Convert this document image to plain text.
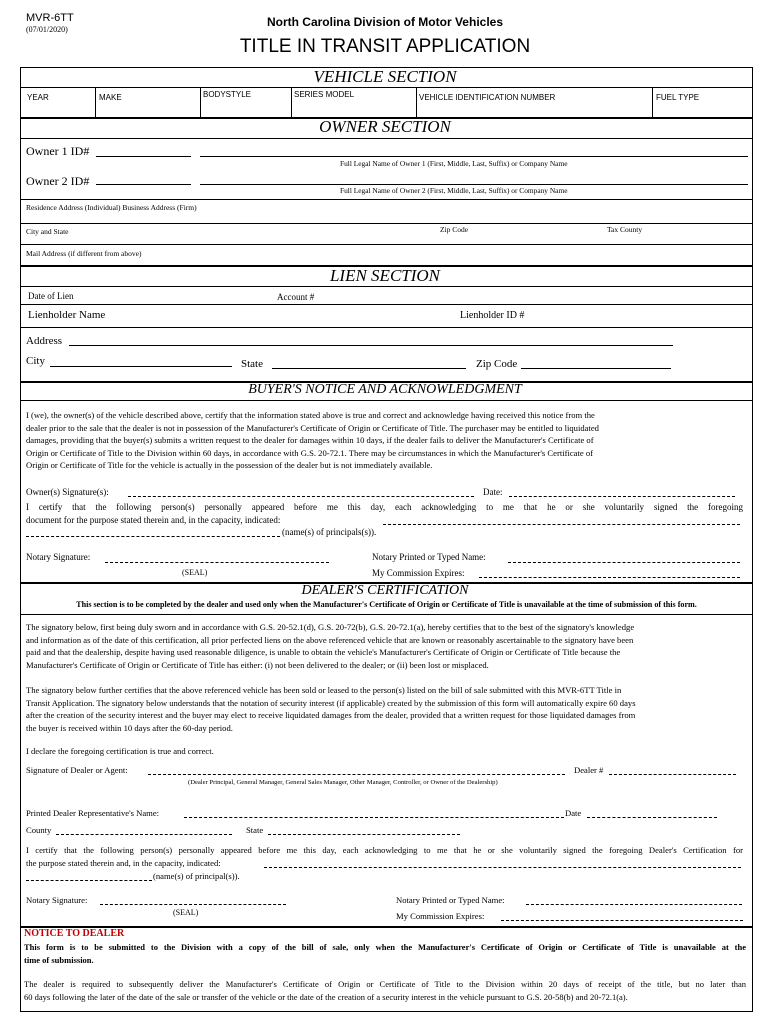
MVR-6TT
(07/01/2020)
North Carolina Division of Motor Vehicles
TITLE IN TRANSIT APPLICATION
VEHICLE SECTION
YEAR	MAKE	BODYSTYLE	SERIES MODEL	VEHICLE IDENTIFICATION NUMBER	FUEL TYPE
OWNER SECTION
Owner 1 ID#
Full Legal Name of Owner 1 (First, Middle, Last, Suffix) or Company Name
Owner 2 ID#
Full Legal Name of Owner 2 (First, Middle, Last, Suffix) or Company Name
Residence Address (Individual) Business Address (Firm)
City and State	Zip Code	Tax County
Mail Address (if different from above)
LIEN SECTION
Date of Lien	Account #
Lienholder Name	Lienholder ID #
Address
City	State	Zip Code
BUYER'S NOTICE AND ACKNOWLEDGMENT
I (we), the owner(s) of the vehicle described above, certify that the information stated above is true and correct and acknowledge having received this notice from the
dealer prior to the sale that the dealer is not in possession of the Manufacturer's Certificate of Origin or Certificate of Title. The purchaser may be entitled to liquidated
damages, providing that the buyer(s) submits a written request to the dealer for damages within 10 days, if the dealer fails to deliver the Manufacturer's Certificate of
Origin or Certificate of Title to the Division within 60 days, in accordance with G.S. 20-72.1. There may be circumstances in which the Manufacturer's Certificate of
Origin or Certificate of Title for the vehicle is actually in the possession of the dealer but is not immediately available.
Owner(s) Signature(s):	Date:
I certify that the following person(s) personally appeared before me this day, each acknowledging to me that he or she voluntarily signed the foregoing
document for the purpose stated therein and, in the capacity, indicated:
(name(s) of principals(s)).
Notary Signature:	Notary Printed or Typed Name:
(SEAL)	My Commission Expires:
DEALER'S CERTIFICATION
This section is to be completed by the dealer and used only when the Manufacturer's Certificate of Origin or Certificate of Title is unavailable at the time of submission of this form.
The signatory below, first being duly sworn and in accordance with G.S. 20-52.1(d), G.S. 20-72(b), G.S. 20-72.1(a), hereby certifies that to the best of the signatory's knowledge
and information as of the date of this certification, all prior perfected liens on the above referenced vehicle that are known or reasonably ascertainable to the signatory have been
paid and that the dealership, despite having used reasonable diligence, is unable to obtain the vehicle's Manufacturer's Certificate of Origin or Certificate of Title because the
Manufacturer's Certificate of Origin or Certificate of Title has either: (i) not been delivered to the dealer; or (ii) been lost or misplaced.
The signatory below further certifies that the above referenced vehicle has been sold or leased to the person(s) listed on the bill of sale submitted with this MVR-6TT Title in
Transit Application. The signatory below understands that the notation of security interest (if applicable) created by the submission of this form will automatically expire 60 days
after the creation of the security interest and the buyer may elect to receive liquidated damages from the dealer, provided that a written request for those liquidated damages from
the buyer is received within 10 days after the 60-day period.
I declare the foregoing certification is true and correct.
Signature of Dealer or Agent:	Dealer #
(Dealer Principal, General Manager, General Sales Manager, Other Manager, Controller, or Owner of the Dealership)
Printed Dealer Representative's Name:	Date
County	State
I certify that the following person(s) personally appeared before me this day, each acknowledging to me that he or she voluntarily signed the foregoing Dealer's Certification for
the purpose stated therein and, in the capacity, indicated:
(name(s) of principal(s)).
Notary Signature:	Notary Printed or Typed Name:
(SEAL)	My Commission Expires:
NOTICE TO DEALER
This form is to be submitted to the Division with a copy of the bill of sale, only when the Manufacturer's Certificate of Origin or Certificate of Title is unavailable at the
time of submission.
The dealer is required to subsequently deliver the Manufacturer's Certificate of Origin or Certificate of Title to the Division within 20 days of receipt of the title, but no later than
60 days following the later of the date of the sale or transfer of the vehicle or the date of the creation of a security interest in the vehicle pursuant to G.S. 20-58(b) and 20-72.1(a).
